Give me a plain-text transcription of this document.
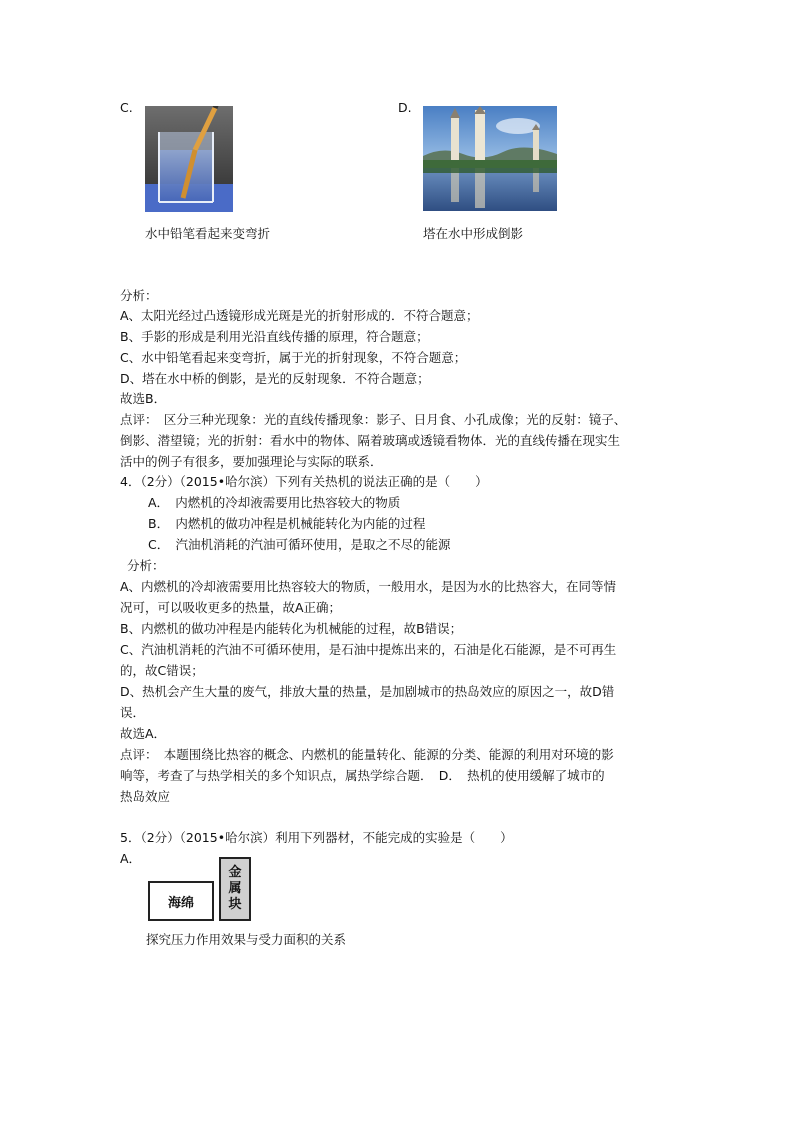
C.
水中铅笔看起来变弯折
D.
塔在水中形成倒影
分析：
A、太阳光经过凸透镜形成光斑是光的折射形成的．不符合题意；
B、手影的形成是利用光沿直线传播的原理，符合题意；
C、水中铅笔看起来变弯折，属于光的折射现象，不符合题意；
D、塔在水中桥的倒影，是光的反射现象．不符合题意；
故选B．
点评：　区分三种光现象：光的直线传播现象：影子、日月食、小孔成像；光的反射：镜子、
倒影、潜望镜；光的折射：看水中的物体、隔着玻璃或透镜看物体．光的直线传播在现实生
活中的例子有很多，要加强理论与实际的联系．
4．（2分）（2015•哈尔滨）下列有关热机的说法正确的是（　　）
A．　内燃机的冷却液需要用比热容较大的物质
B．　内燃机的做功冲程是机械能转化为内能的过程
C．　汽油机消耗的汽油可循环使用，是取之不尽的能源
分析：
A、内燃机的冷却液需要用比热容较大的物质，一般用水，是因为水的比热容大，在同等情
况可，可以吸收更多的热量，故A正确；
B、内燃机的做功冲程是内能转化为机械能的过程，故B错误；
C、汽油机消耗的汽油不可循环使用，是石油中提炼出来的，石油是化石能源，是不可再生
的，故C错误；
D、热机会产生大量的废气，排放大量的热量，是加剧城市的热岛效应的原因之一，故D错
误．
故选A．
点评：　本题围绕比热容的概念、内燃机的能量转化、能源的分类、能源的利用对环境的影
响等，考查了与热学相关的多个知识点，属热学综合题．　D．　热机的使用缓解了城市的
热岛效应
5．（2分）（2015•哈尔滨）利用下列器材，不能完成的实验是（　　）
A．
海绵
金
属
块
探究压力作用效果与受力面积的关系
